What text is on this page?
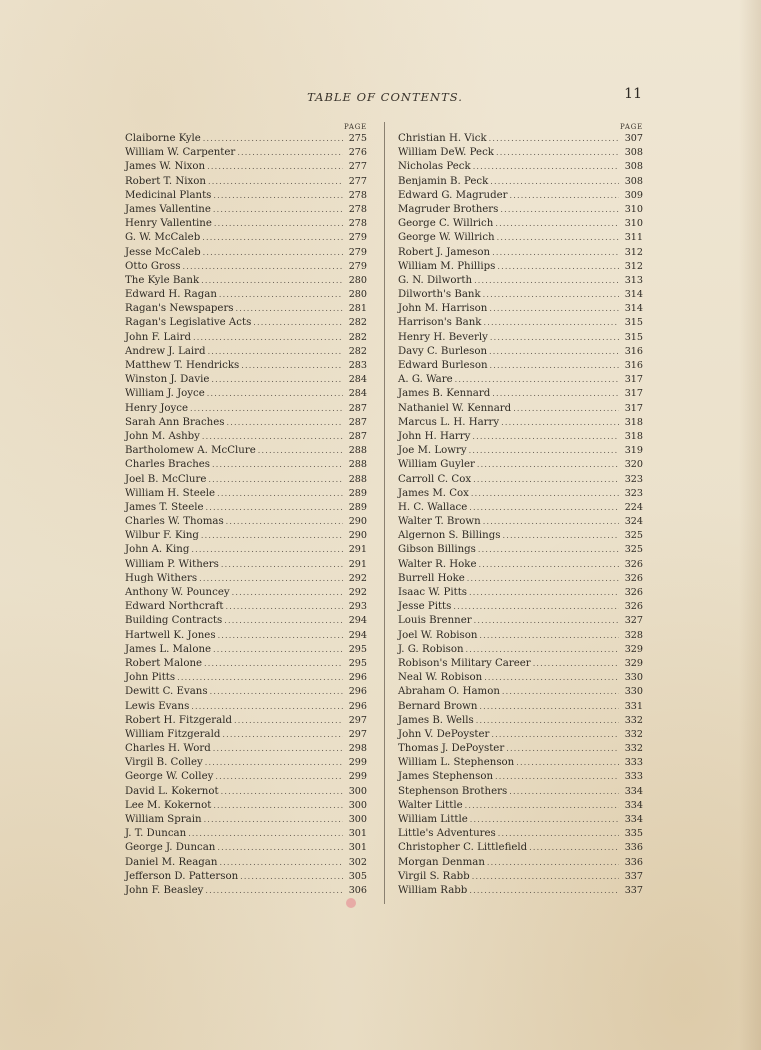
TABLE OF CONTENTS.	11
PAGE
Claiborne Kyle .....	275
William W. Carpenter .....	276
James W. Nixon .....	277
Robert T. Nixon .....	277
Medicinal Plants .....	278
James Vallentine .....	278
Henry Vallentine .....	278
G. W. McCaleb .....	279
Jesse McCaleb .....	279
Otto Gross .....	279
The Kyle Bank .....	280
Edward H. Ragan .....	280
Ragan's Newspapers .....	281
Ragan's Legislative Acts .....	282
John F. Laird .....	282
Andrew J. Laird .....	282
Matthew T. Hendricks .....	283
Winston J. Davie .....	284
William J. Joyce .....	284
Henry Joyce .....	287
Sarah Ann Braches .....	287
John M. Ashby .....	287
Bartholomew A. McClure .....	288
Charles Braches .....	288
Joel B. McClure .....	288
William H. Steele .....	289
James T. Steele .....	289
Charles W. Thomas .....	290
Wilbur F. King .....	290
John A. King .....	291
William P. Withers .....	291
Hugh Withers .....	292
Anthony W. Pouncey .....	292
Edward Northcraft .....	293
Building Contracts .....	294
Hartwell K. Jones .....	294
James L. Malone .....	295
Robert Malone .....	295
John Pitts .....	296
Dewitt C. Evans .....	296
Lewis Evans .....	296
Robert H. Fitzgerald .....	297
William Fitzgerald .....	297
Charles H. Word .....	298
Virgil B. Colley .....	299
George W. Colley .....	299
David L. Kokernot .....	300
Lee M. Kokernot .....	300
William Sprain .....	300
J. T. Duncan .....	301
George J. Duncan .....	301
Daniel M. Reagan .....	302
Jefferson D. Patterson .....	305
John F. Beasley .....	306
PAGE
Christian H. Vick .....	307
William DeW. Peck .....	308
Nicholas Peck .....	308
Benjamin B. Peck .....	308
Edward G. Magruder .....	309
Magruder Brothers .....	310
George C. Willrich .....	310
George W. Willrich .....	311
Robert J. Jameson .....	312
William M. Phillips .....	312
G. N. Dilworth .....	313
Dilworth's Bank .....	314
John M. Harrison .....	314
Harrison's Bank .....	315
Henry H. Beverly .....	315
Davy C. Burleson .....	316
Edward Burleson .....	316
A. G. Ware .....	317
James B. Kennard .....	317
Nathaniel W. Kennard .....	317
Marcus L. H. Harry .....	318
John H. Harry .....	318
Joe M. Lowry .....	319
William Guyler .....	320
Carroll C. Cox .....	323
James M. Cox .....	323
H. C. Wallace .....	224
Walter T. Brown .....	324
Algernon S. Billings .....	325
Gibson Billings .....	325
Walter R. Hoke .....	326
Burrell Hoke .....	326
Isaac W. Pitts .....	326
Jesse Pitts .....	326
Louis Brenner .....	327
Joel W. Robison .....	328
J. G. Robison .....	329
Robison's Military Career .....	329
Neal W. Robison .....	330
Abraham O. Hamon .....	330
Bernard Brown .....	331
James B. Wells .....	332
John V. DePoyster .....	332
Thomas J. DePoyster .....	332
William L. Stephenson .....	333
James Stephenson .....	333
Stephenson Brothers .....	334
Walter Little .....	334
William Little .....	334
Little's Adventures .....	335
Christopher C. Littlefield .....	336
Morgan Denman .....	336
Virgil S. Rabb .....	337
William Rabb .....	337
